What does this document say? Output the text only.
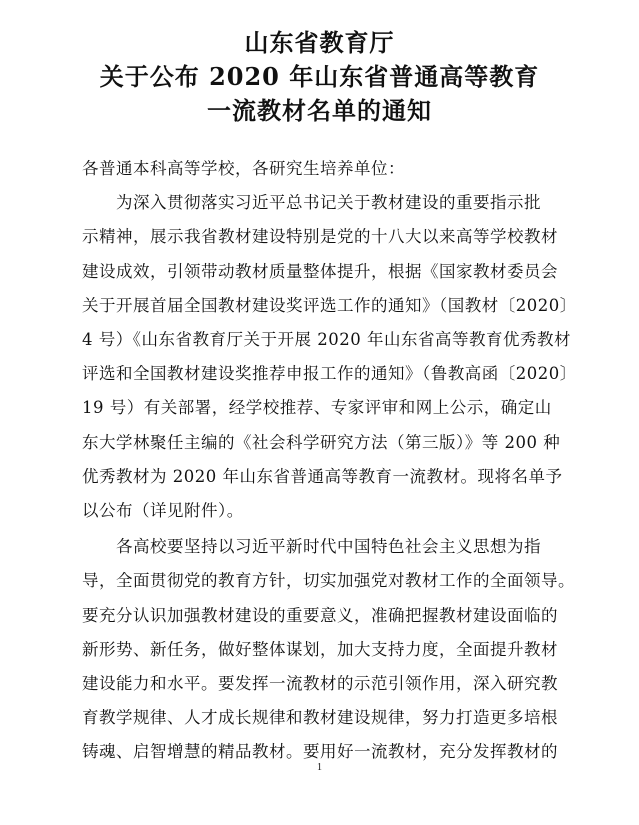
山东省教育厅
关于公布 2020 年山东省普通高等教育
一流教材名单的通知
各普通本科高等学校，各研究生培养单位：
为深入贯彻落实习近平总书记关于教材建设的重要指示批
示精神，展示我省教材建设特别是党的十八大以来高等学校教材
建设成效，引领带动教材质量整体提升，根据《国家教材委员会
关于开展首届全国教材建设奖评选工作的通知》（国教材〔2020〕
4 号）《山东省教育厅关于开展 2020 年山东省高等教育优秀教材
评选和全国教材建设奖推荐申报工作的通知》（鲁教高函〔2020〕
19 号）有关部署，经学校推荐、专家评审和网上公示，确定山
东大学林聚任主编的《社会科学研究方法（第三版）》等 200 种
优秀教材为 2020 年山东省普通高等教育一流教材。现将名单予
以公布（详见附件）。
各高校要坚持以习近平新时代中国特色社会主义思想为指
导，全面贯彻党的教育方针，切实加强党对教材工作的全面领导。
要充分认识加强教材建设的重要意义，准确把握教材建设面临的
新形势、新任务，做好整体谋划，加大支持力度，全面提升教材
建设能力和水平。要发挥一流教材的示范引领作用，深入研究教
育教学规律、人才成长规律和教材建设规律，努力打造更多培根
铸魂、启智增慧的精品教材。要用好一流教材，充分发挥教材的
1
